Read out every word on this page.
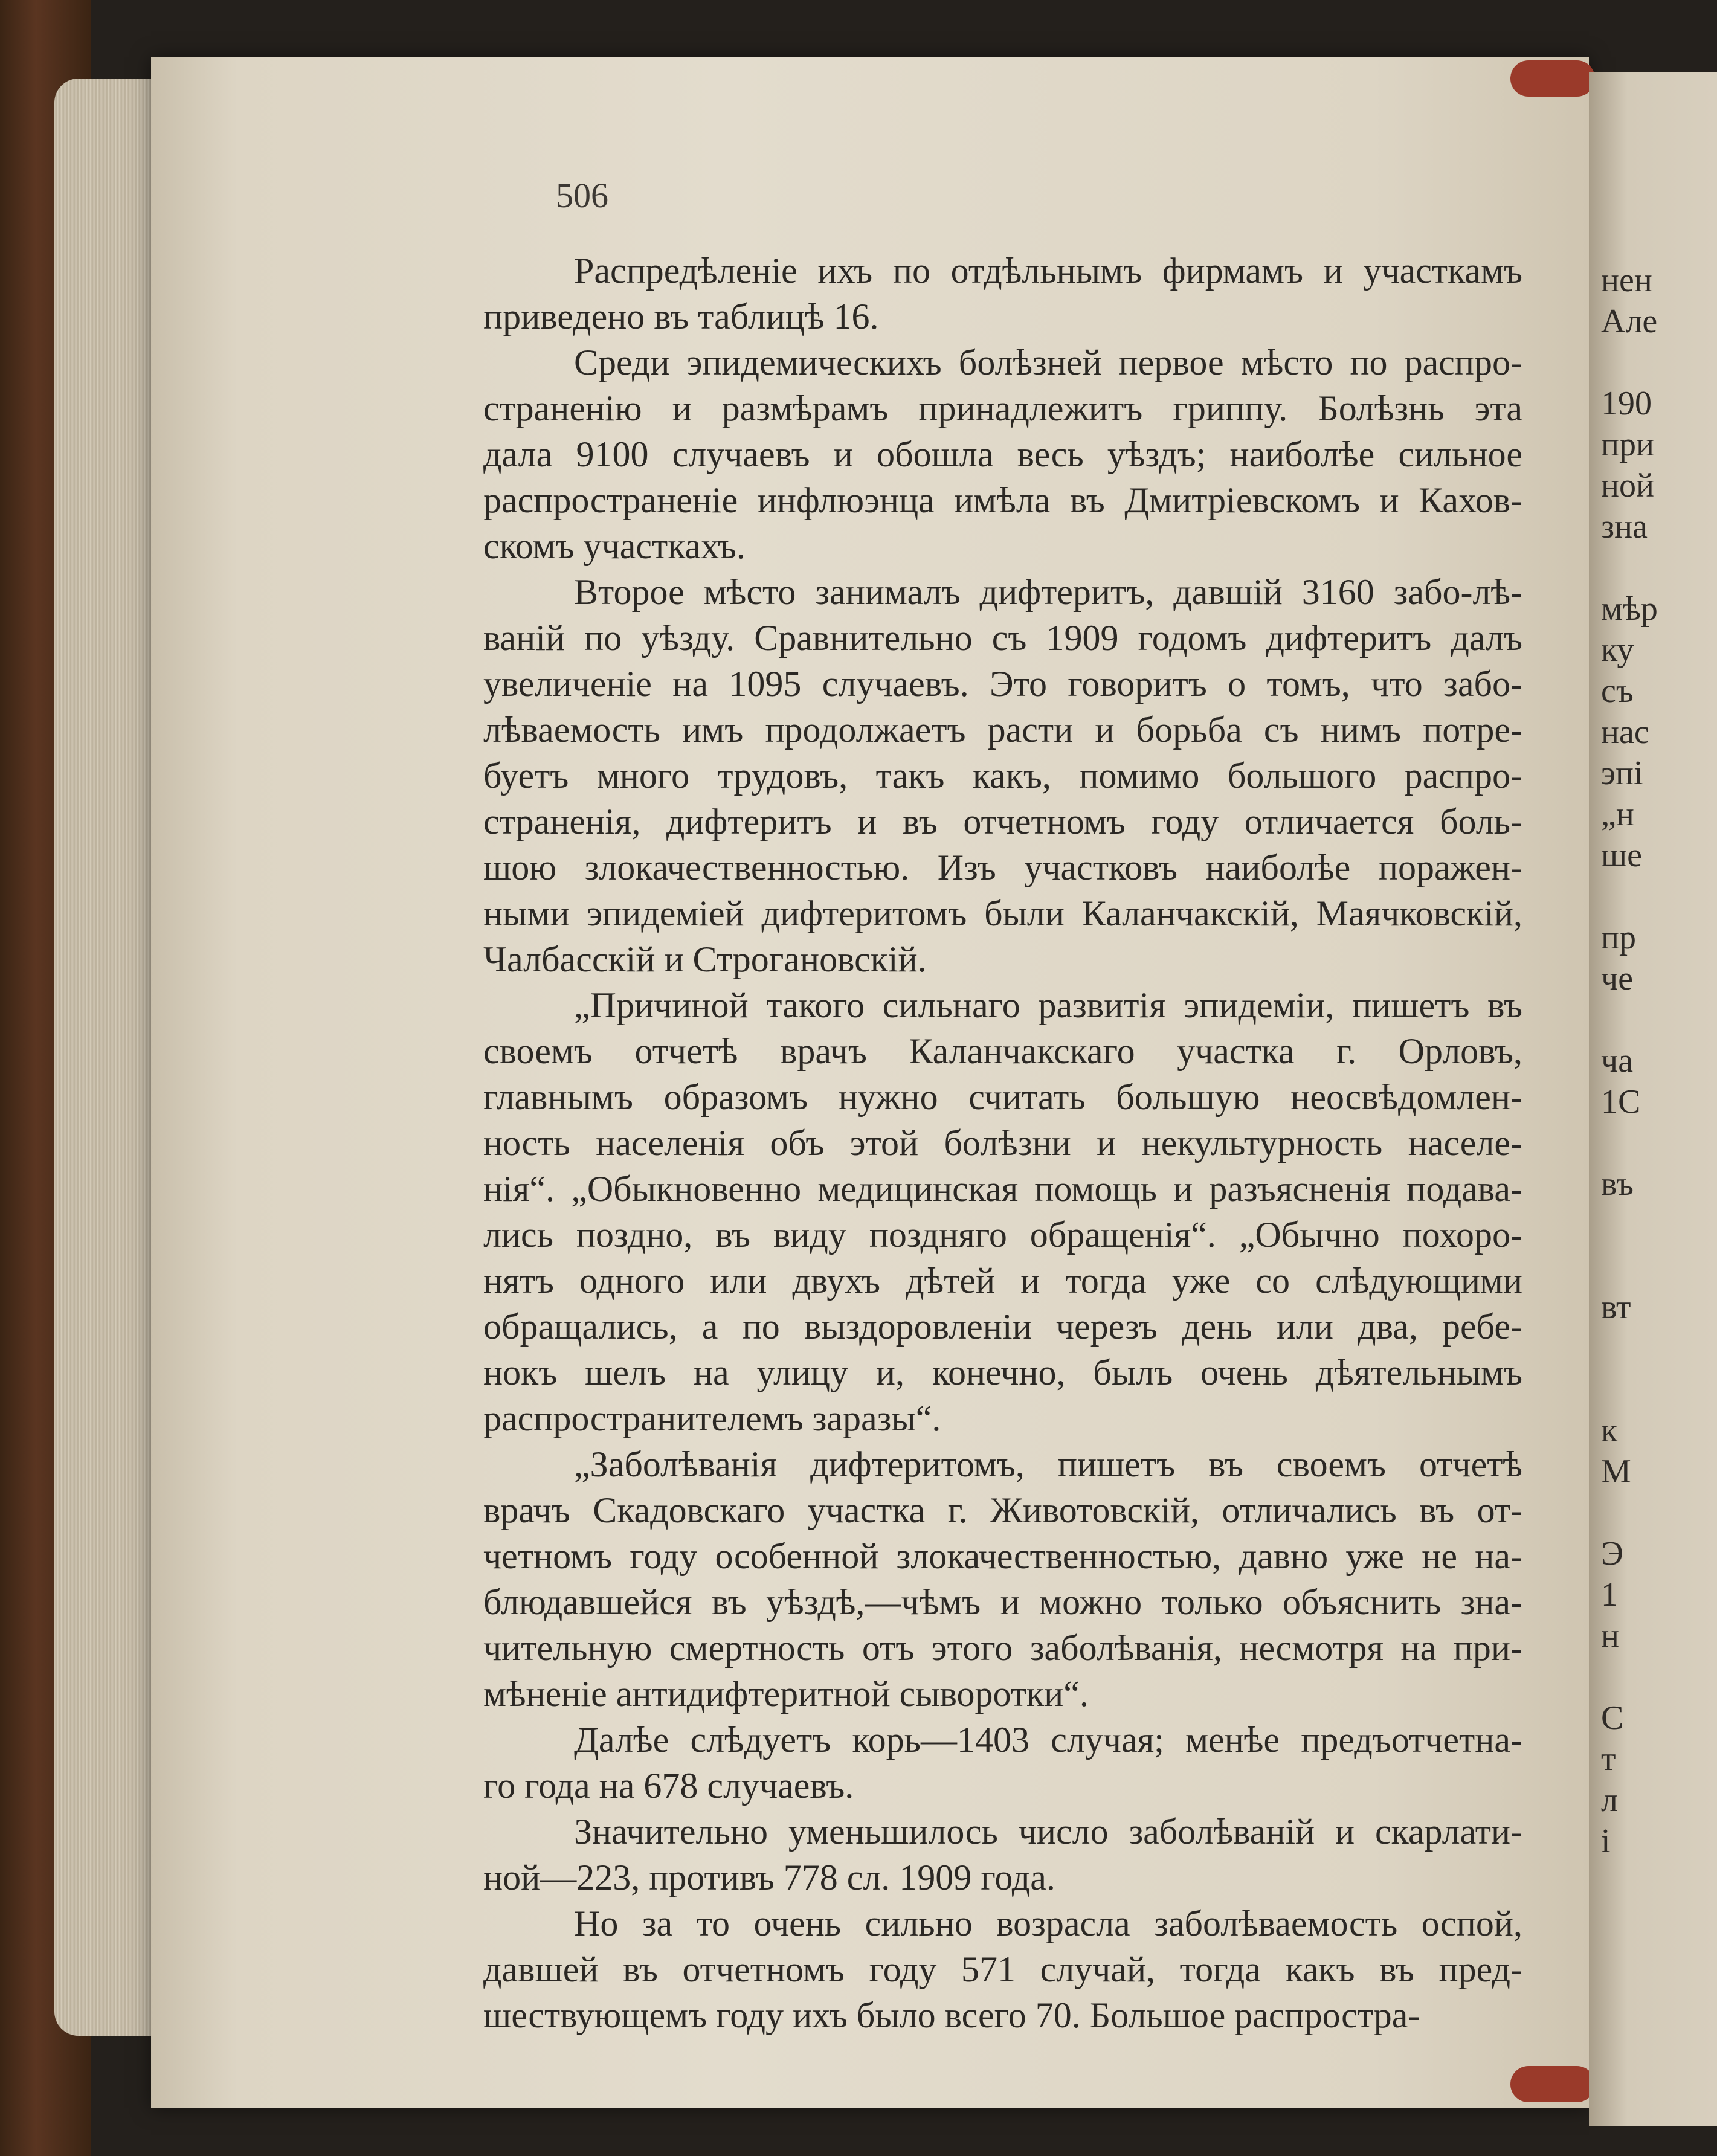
506
Распредѣленіе ихъ по отдѣльнымъ фирмамъ и участкамъ
приведено въ таблицѣ 16.
Среди эпидемическихъ болѣзней первое мѣсто по распро-
страненію и размѣрамъ принадлежитъ гриппу. Болѣзнь эта
дала 9100 случаевъ и обошла весь уѣздъ; наиболѣе сильное
распространеніе инфлюэнца имѣла въ Дмитріевскомъ и Кахов-
скомъ участкахъ.
Второе мѣсто занималъ дифтеритъ, давшій 3160 забо-лѣ-
ваній по уѣзду. Сравнительно съ 1909 годомъ дифтеритъ далъ
увеличеніе на 1095 случаевъ. Это говоритъ о томъ, что забо-
лѣваемость имъ продолжаетъ расти и борьба съ нимъ потре-
буетъ много трудовъ, такъ какъ, помимо большого распро-
страненія, дифтеритъ и въ отчетномъ году отличается боль-
шою злокачественностью. Изъ участковъ наиболѣе поражен-
ными эпидеміей дифтеритомъ были Каланчакскій, Маячковскій,
Чалбасскій и Строгановскій.
„Причиной такого сильнаго развитія эпидеміи, пишетъ въ
своемъ отчетѣ врачъ Каланчакскаго участка г. Орловъ,
главнымъ образомъ нужно считать большую неосвѣдомлен-
ность населенія объ этой болѣзни и некультурность населе-
нія“. „Обыкновенно медицинская помощь и разъясненія подава-
лись поздно, въ виду поздняго обращенія“. „Обычно похоро-
нятъ одного или двухъ дѣтей и тогда уже со слѣдующими
обращались, а по выздоровленіи черезъ день или два, ребе-
нокъ шелъ на улицу и, конечно, былъ очень дѣятельнымъ
распространителемъ заразы“.
„Заболѣванія дифтеритомъ, пишетъ въ своемъ отчетѣ
врачъ Скадовскаго участка г. Животовскій, отличались въ от-
четномъ году особенной злокачественностью, давно уже не на-
блюдавшейся въ уѣздѣ,—чѣмъ и можно только объяснить зна-
чительную смертность отъ этого заболѣванія, несмотря на при-
мѣненіе антидифтеритной сыворотки“.
Далѣе слѣдуетъ корь—1403 случая; менѣе предъотчетна-
го года на 678 случаевъ.
Значительно уменьшилось число заболѣваній и скарлати-
ной—223, противъ 778 сл. 1909 года.
Но за то очень сильно возрасла заболѣваемость оспой,
давшей въ отчетномъ году 571 случай, тогда какъ въ пред-
шествующемъ году ихъ было всего 70. Большое распростра-
нен
Але
190
при
ной
зна
мѣр
ку
съ
нас
эпі
„н
ше
пр
че
ча
1С
въ
вт
к
М
Э
1
н
С
т
л
і
